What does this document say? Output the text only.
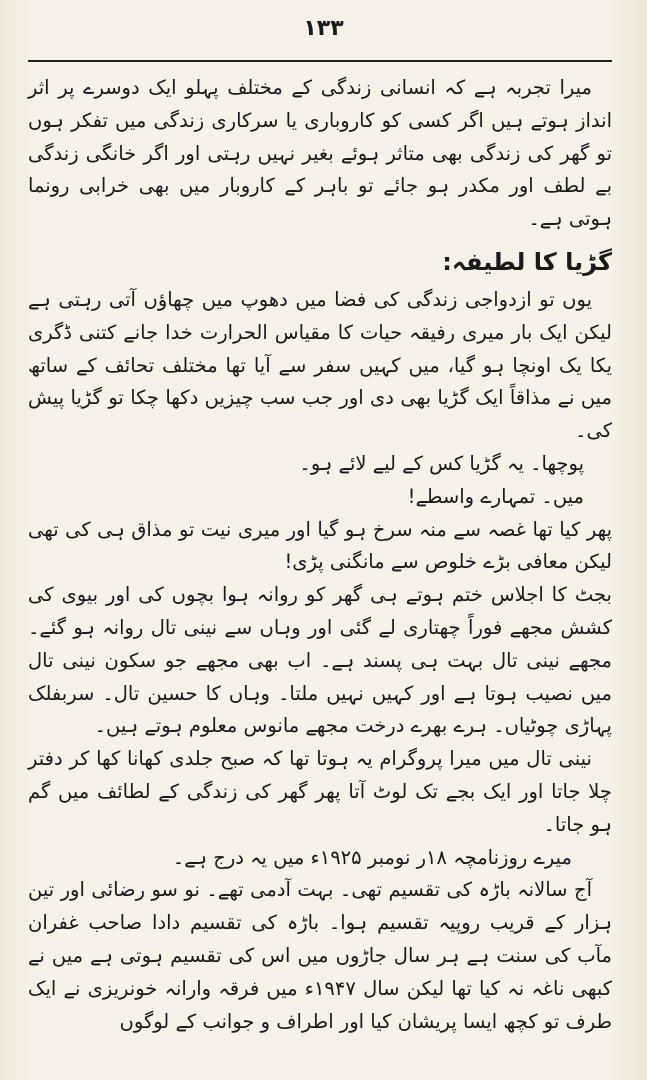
۱۳۳

میرا تجربہ ہے کہ انسانی زندگی کے مختلف پہلو ایک دوسرے پر اثر انداز ہوتے ہیں اگر کسی کو کاروباری یا سرکاری زندگی میں تفکر ہوں تو گھر کی زندگی بھی متاثر ہوئے بغیر نہیں رہتی اور اگر خانگی زندگی بے لطف اور مکدر ہو جائے تو باہر کے کاروبار میں بھی خرابی رونما ہوتی ہے۔

گڑیا کا لطیفہ:

یوں تو ازدواجی زندگی کی فضا میں دھوپ میں چھاؤں آتی رہتی ہے لیکن ایک بار میری رفیقہ حیات کا مقیاس الحرارت خدا جانے کتنی ڈگری یکا یک اونچا ہو گیا، میں کہیں سفر سے آیا تھا مختلف تحائف کے ساتھ میں نے مذاقاً ایک گڑیا بھی دی اور جب سب چیزیں دکھا چکا تو گڑیا پیش کی۔

پوچھا۔ یہ گڑیا کس کے لیے لائے ہو۔

میں۔ تمہارے واسطے!

پھر کیا تھا غصہ سے منہ سرخ ہو گیا اور میری نیت تو مذاق ہی کی تھی لیکن معافی بڑے خلوص سے مانگنی پڑی!

بجٹ کا اجلاس ختم ہوتے ہی گھر کو روانہ ہوا بچوں کی اور بیوی کی کشش مجھے فوراً چھتاری لے گئی اور وہاں سے نینی تال روانہ ہو گئے۔ مجھے نینی تال بہت ہی پسند ہے۔ اب بھی مجھے جو سکون نینی تال میں نصیب ہوتا ہے اور کہیں نہیں ملتا۔ وہاں کا حسین تال۔ سربفلک پہاڑی چوٹیاں۔ ہرے بھرے درخت مجھے مانوس معلوم ہوتے ہیں۔

نینی تال میں میرا پروگرام یہ ہوتا تھا کہ صبح جلدی کھانا کھا کر دفتر چلا جاتا اور ایک بجے تک لوٹ آتا پھر گھر کی زندگی کے لطائف میں گم ہو جاتا۔

میرے روزنامچہ ۱۸ر نومبر ۱۹۲۵ء میں یہ درج ہے۔

آج سالانہ باڑہ کی تقسیم تھی۔ بہت آدمی تھے۔ نو سو رضائی اور تین ہزار کے قریب روپیہ تقسیم ہوا۔ باڑہ کی تقسیم دادا صاحب غفران مآب کی سنت ہے ہر سال جاڑوں میں اس کی تقسیم ہوتی ہے میں نے کبھی ناغہ نہ کیا تھا لیکن سال ۱۹۴۷ء میں فرقہ وارانہ خونریزی نے ایک طرف تو کچھ ایسا پریشان کیا اور اطراف و جوانب کے لوگوں
